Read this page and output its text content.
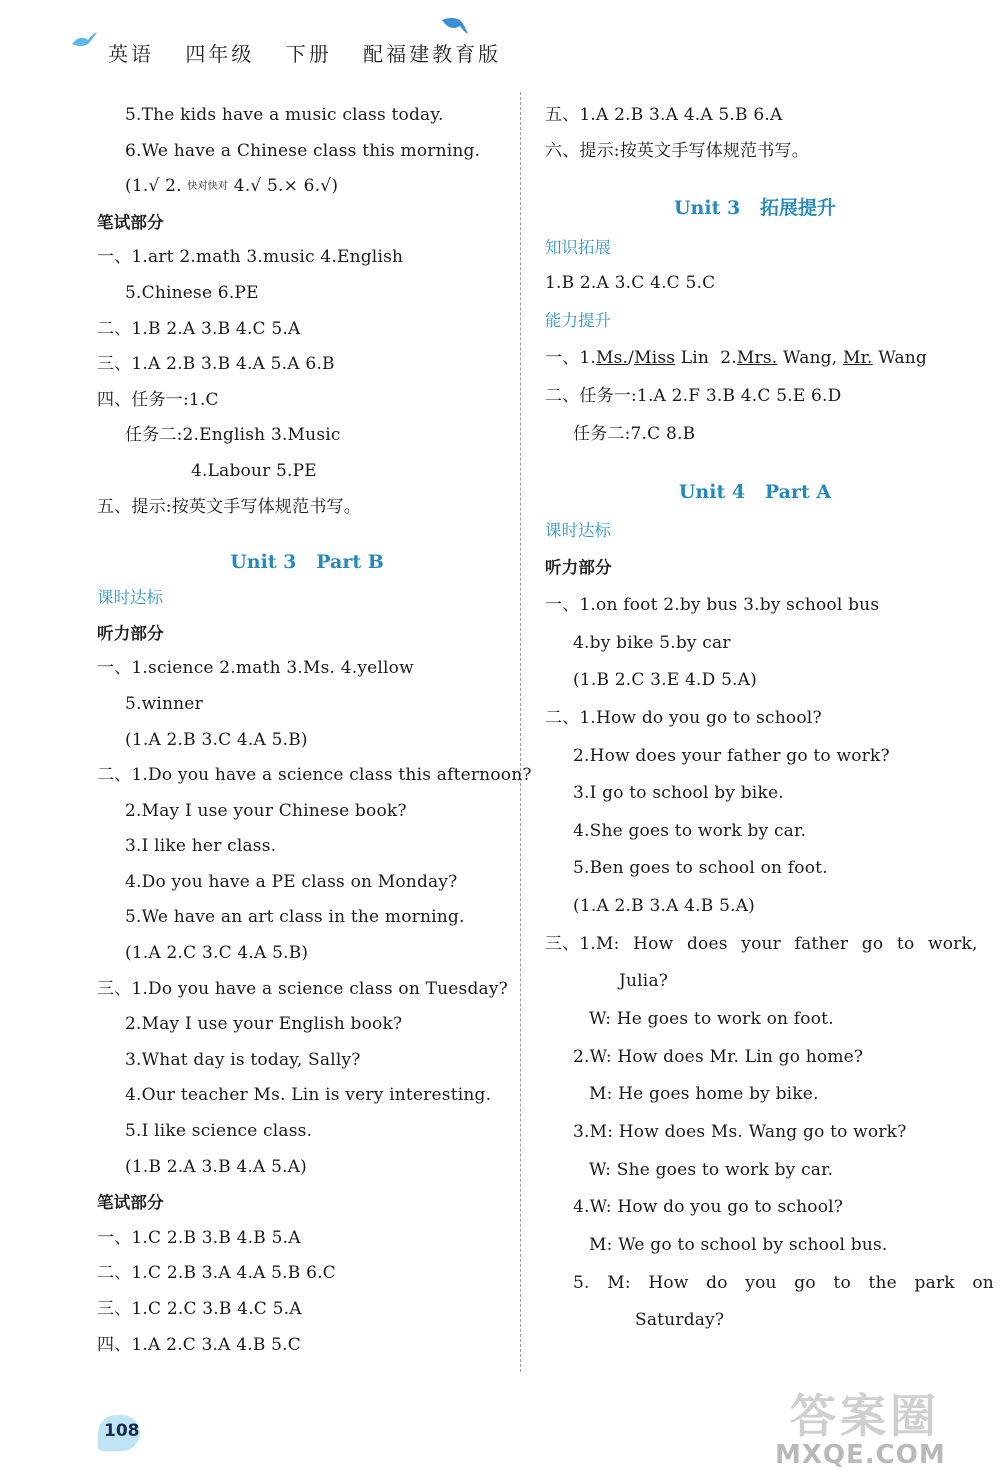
英语 四年级 下册 配福建教育版
5.The kids have a music class today.
6.We have a Chinese class this morning.
(1.√ 2. 快对快对 4.√ 5.× 6.√)
笔试部分
一、1.art 2.math 3.music 4.English
5.Chinese 6.PE
二、1.B 2.A 3.B 4.C 5.A
三、1.A 2.B 3.B 4.A 5.A 6.B
四、任务一:1.C
任务二:2.English 3.Music
4.Labour 5.PE
五、提示:按英文手写体规范书写。
Unit 3   Part B
课时达标
听力部分
一、1.science 2.math 3.Ms. 4.yellow
5.winner
(1.A 2.B 3.C 4.A 5.B)
二、1.Do you have a science class this afternoon?
2.May I use your Chinese book?
3.I like her class.
4.Do you have a PE class on Monday?
5.We have an art class in the morning.
(1.A 2.C 3.C 4.A 5.B)
三、1.Do you have a science class on Tuesday?
2.May I use your English book?
3.What day is today, Sally?
4.Our teacher Ms. Lin is very interesting.
5.I like science class.
(1.B 2.A 3.B 4.A 5.A)
笔试部分
一、1.C 2.B 3.B 4.B 5.A
二、1.C 2.B 3.A 4.A 5.B 6.C
三、1.C 2.C 3.B 4.C 5.A
四、1.A 2.C 3.A 4.B 5.C
五、1.A 2.B 3.A 4.A 5.B 6.A
六、提示:按英文手写体规范书写。
Unit 3   拓展提升
知识拓展
1.B 2.A 3.C 4.C 5.C
能力提升
一、1.Ms./Miss Lin  2.Mrs. Wang, Mr. Wang
二、任务一:1.A 2.F 3.B 4.C 5.E 6.D
任务二:7.C 8.B
Unit 4   Part A
课时达标
听力部分
一、1.on foot 2.by bus 3.by school bus
4.by bike 5.by car
(1.B 2.C 3.E 4.D 5.A)
二、1.How do you go to school?
2.How does your father go to work?
3.I go to school by bike.
4.She goes to work by car.
5.Ben goes to school on foot.
(1.A 2.B 3.A 4.B 5.A)
三、1.M: How does your father go to work,
Julia?
W: He goes to work on foot.
2.W: How does Mr. Lin go home?
M: He goes home by bike.
3.M: How does Ms. Wang go to work?
W: She goes to work by car.
4.W: How do you go to school?
M: We go to school by school bus.
5. M: How do you go to the park on
Saturday?
108	答案圈
MXQE.COM
